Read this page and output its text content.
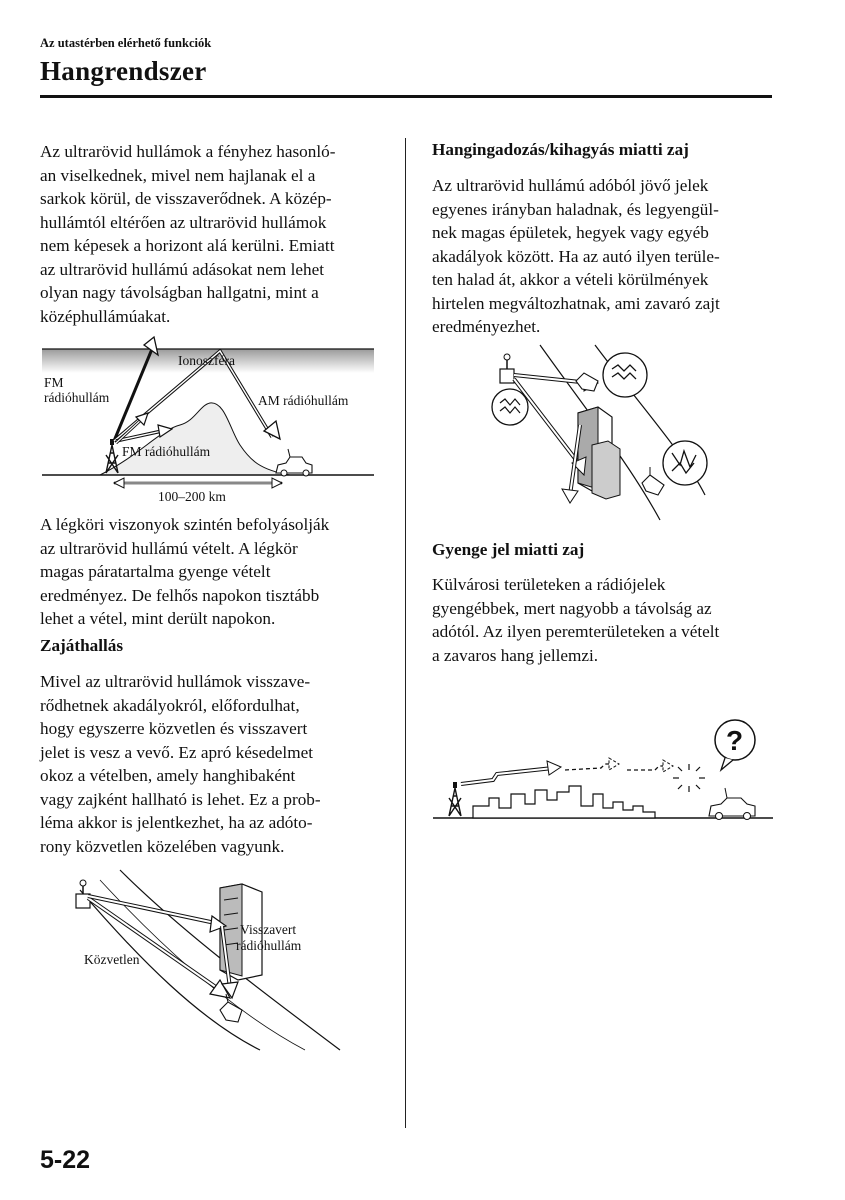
Az utastérben elérhető funkciók
Hangrendszer
Az ultrarövid hullámok a fényhez hasonló-
an viselkednek, mivel nem hajlanak el a
sarkok körül, de visszaverődnek. A közép-
hullámtól eltérően az ultrarövid hullámok
nem képesek a horizont alá kerülni. Emiatt
az ultrarövid hullámú adásokat nem lehet
olyan nagy távolságban hallgatni, mint a
középhullámúakat.
Ionoszféra
FM
rádióhullám	AM rádióhullám
FM rádióhullám
100–200 km
A légköri viszonyok szintén befolyásolják
az ultrarövid hullámú vételt. A légkör
magas páratartalma gyenge vételt
eredményez. De felhős napokon tisztább
lehet a vétel, mint derült napokon.
Zajáthallás
Mivel az ultrarövid hullámok visszave-
rődhetnek akadályokról, előfordulhat,
hogy egyszerre közvetlen és visszavert
jelet is vesz a vevő. Ez apró késedelmet
okoz a vételben, amely hanghibaként
vagy zajként hallható is lehet. Ez a prob-
léma akkor is jelentkezhet, ha az adóto-
rony közvetlen közelében vagyunk.
Visszavert
rádióhullám
Közvetlen
Hangingadozás/kihagyás miatti zaj
Az ultrarövid hullámú adóból jövő jelek
egyenes irányban haladnak, és legyengül-
nek magas épületek, hegyek vagy egyéb
akadályok között. Ha az autó ilyen terüle-
ten halad át, akkor a vételi körülmények
hirtelen megváltozhatnak, ami zavaró zajt
eredményezhet.
Gyenge jel miatti zaj
Külvárosi területeken a rádiójelek
gyengébbek, mert nagyobb a távolság az
adótól. Az ilyen peremterületeken a vételt
a zavaros hang jellemzi.
?
5-22
